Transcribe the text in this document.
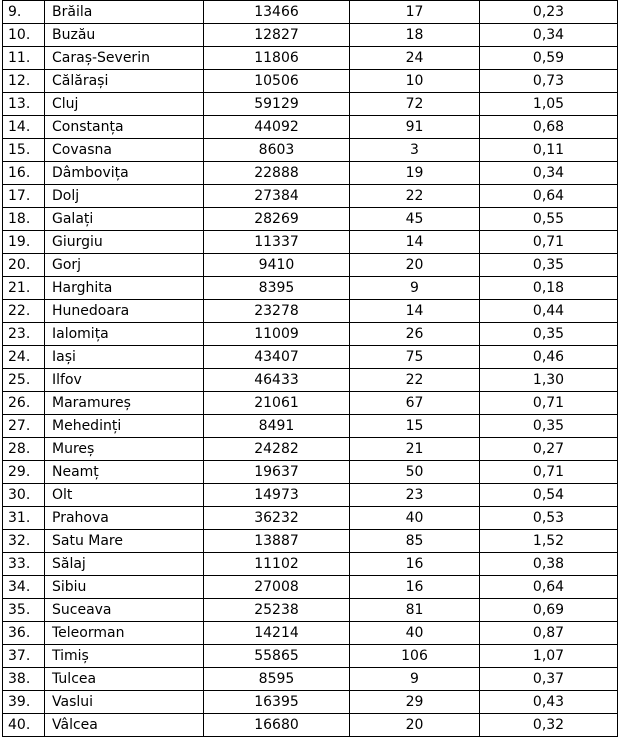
9.	Brăila	13466	17	0,23
10.	Buzău	12827	18	0,34
11.	Caraș-Severin	11806	24	0,59
12.	Călărași	10506	10	0,73
13.	Cluj	59129	72	1,05
14.	Constanța	44092	91	0,68
15.	Covasna	8603	3	0,11
16.	Dâmbovița	22888	19	0,34
17.	Dolj	27384	22	0,64
18.	Galați	28269	45	0,55
19.	Giurgiu	11337	14	0,71
20.	Gorj	9410	20	0,35
21.	Harghita	8395	9	0,18
22.	Hunedoara	23278	14	0,44
23.	Ialomița	11009	26	0,35
24.	Iași	43407	75	0,46
25.	Ilfov	46433	22	1,30
26.	Maramureș	21061	67	0,71
27.	Mehedinți	8491	15	0,35
28.	Mureș	24282	21	0,27
29.	Neamț	19637	50	0,71
30.	Olt	14973	23	0,54
31.	Prahova	36232	40	0,53
32.	Satu Mare	13887	85	1,52
33.	Sălaj	11102	16	0,38
34.	Sibiu	27008	16	0,64
35.	Suceava	25238	81	0,69
36.	Teleorman	14214	40	0,87
37.	Timiș	55865	106	1,07
38.	Tulcea	8595	9	0,37
39.	Vaslui	16395	29	0,43
40.	Vâlcea	16680	20	0,32
